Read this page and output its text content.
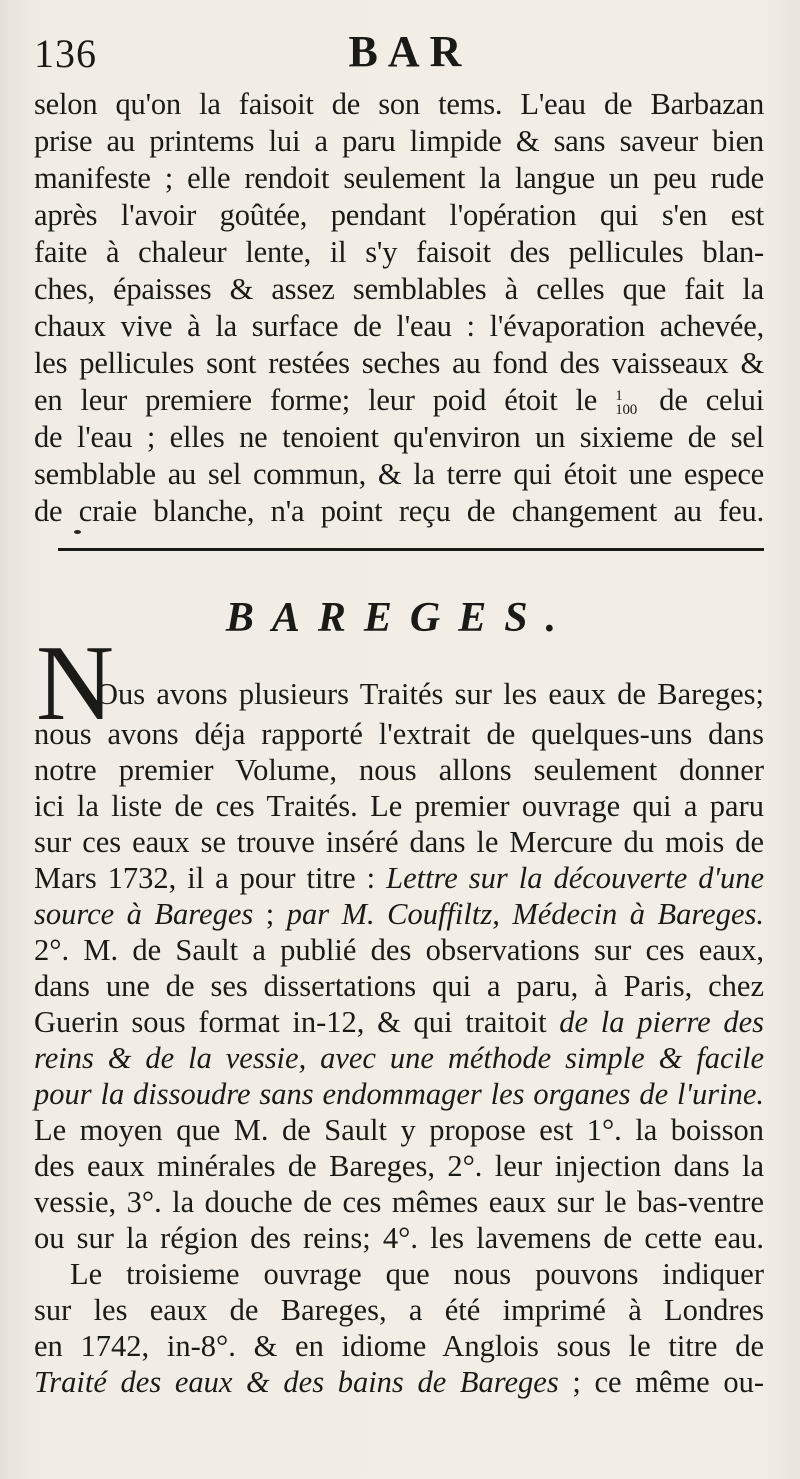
136	BAR
selon qu'on la faisoit de son tems. L'eau de Barbazan
prise au printems lui a paru limpide & sans saveur bien
manifeste ; elle rendoit seulement la langue un peu rude
après l'avoir goûtée, pendant l'opération qui s'en est
faite à chaleur lente, il s'y faisoit des pellicules blan-
ches, épaisses & assez semblables à celles que fait la
chaux vive à la surface de l'eau : l'évaporation achevée,
les pellicules sont restées seches au fond des vaisseaux &
en leur premiere forme; leur poid étoit le 1
100 de celui
de l'eau ; elles ne tenoient qu'environ un sixieme de sel
semblable au sel commun, & la terre qui étoit une espece
de craie blanche, n'a point reçu de changement au feu.
BAREGES.
N
Ous avons plusieurs Traités sur les eaux de Bareges;
nous avons déja rapporté l'extrait de quelques-uns dans
notre premier Volume, nous allons seulement donner
ici la liste de ces Traités. Le premier ouvrage qui a paru
sur ces eaux se trouve inséré dans le Mercure du mois de
Mars 1732, il a pour titre : Lettre sur la découverte d'une
source à Bareges ; par M. Couffiltz, Médecin à Bareges.
2°. M. de Sault a publié des observations sur ces eaux,
dans une de ses dissertations qui a paru, à Paris, chez
Guerin sous format in-12, & qui traitoit de la pierre des
reins & de la vessie, avec une méthode simple & facile
pour la dissoudre sans endommager les organes de l'urine.
Le moyen que M. de Sault y propose est 1°. la boisson
des eaux minérales de Bareges, 2°. leur injection dans la
vessie, 3°. la douche de ces mêmes eaux sur le bas-ventre
ou sur la région des reins; 4°. les lavemens de cette eau.
Le troisieme ouvrage que nous pouvons indiquer
sur les eaux de Bareges, a été imprimé à Londres
en 1742, in-8°. & en idiome Anglois sous le titre de
Traité des eaux & des bains de Bareges ; ce même ou-
